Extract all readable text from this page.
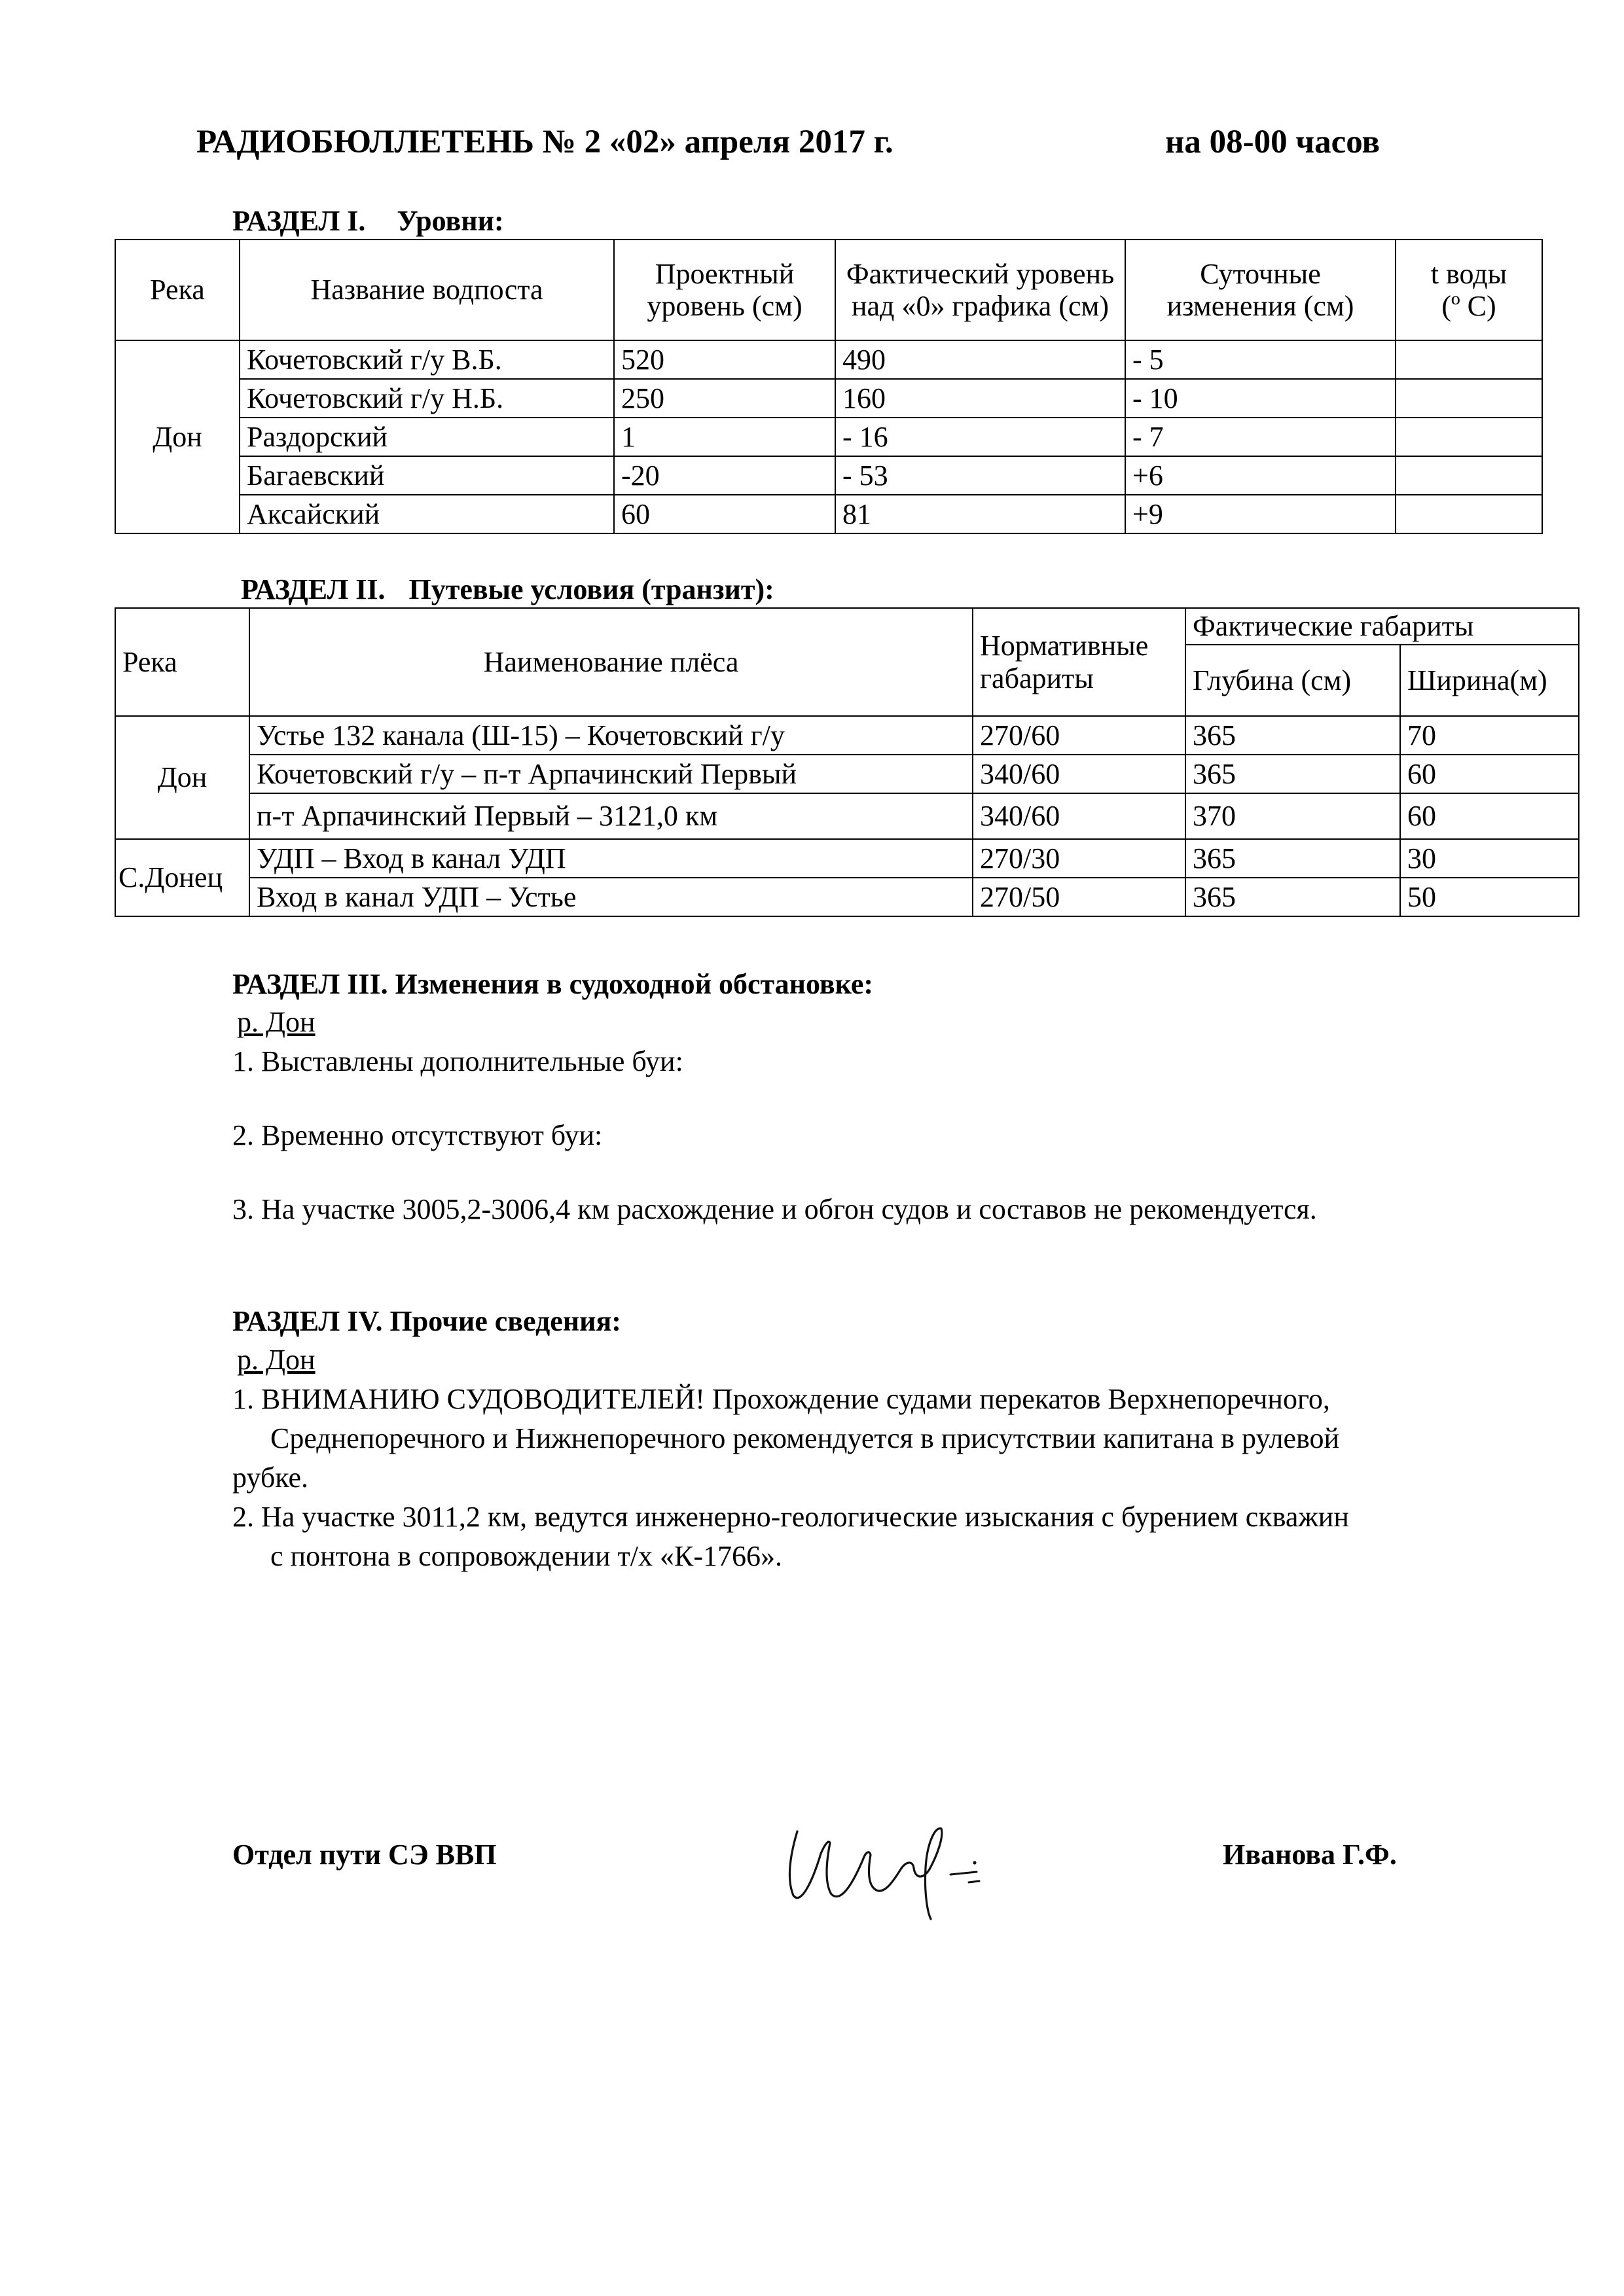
РАДИОБЮЛЛЕТЕНЬ № 2 «02» апреля 2017 г.	на 08-00 часов
РАЗДЕЛ I. Уровни:
Река	Название водпоста	Проектный уровень (см)	Фактический уровень над «0» графика (см)	Суточные изменения (см)	t воды
(º С)

Дон	Кочетовский г/у В.Б.	520	490	- 5	
	Кочетовский г/у Н.Б.	250	160	- 10	
	Раздорский	1	- 16	- 7	
	Багаевский	-20	- 53	+6	
	Аксайский	60	81	+9	
РАЗДЕЛ II. Путевые условия (транзит):
Река	Наименование плёса	Нормативные габариты	Фактические габариты	
			Глубина (см)	Ширина(м)
Дон	Устье 132 канала (Ш-15) – Кочетовский г/у	270/60	365	70
	Кочетовский г/у – п-т Арпачинский Первый	340/60	365	60
	п-т Арпачинский Первый – 3121,0 км	340/60	370	60
С.Донец	УДП – Вход в канал УДП	270/30	365	30
	Вход в канал УДП – Устье	270/50	365	50
РАЗДЕЛ III. Изменения в судоходной обстановке:
р. Дон
1. Выставлены дополнительные буи:
2. Временно отсутствуют буи:
3. На участке 3005,2-3006,4 км расхождение и обгон судов и составов не рекомендуется.
РАЗДЕЛ IV. Прочие сведения:
р. Дон
1. ВНИМАНИЮ СУДОВОДИТЕЛЕЙ! Прохождение судами перекатов Верхнепоречного,
Среднепоречного и Нижнепоречного рекомендуется в присутствии капитана в рулевой
рубке.
2. На участке 3011,2 км, ведутся инженерно-геологические изыскания с бурением скважин
с понтона в сопровождении т/х «К-1766».
Отдел пути СЭ ВВП	Иванова Г.Ф.
